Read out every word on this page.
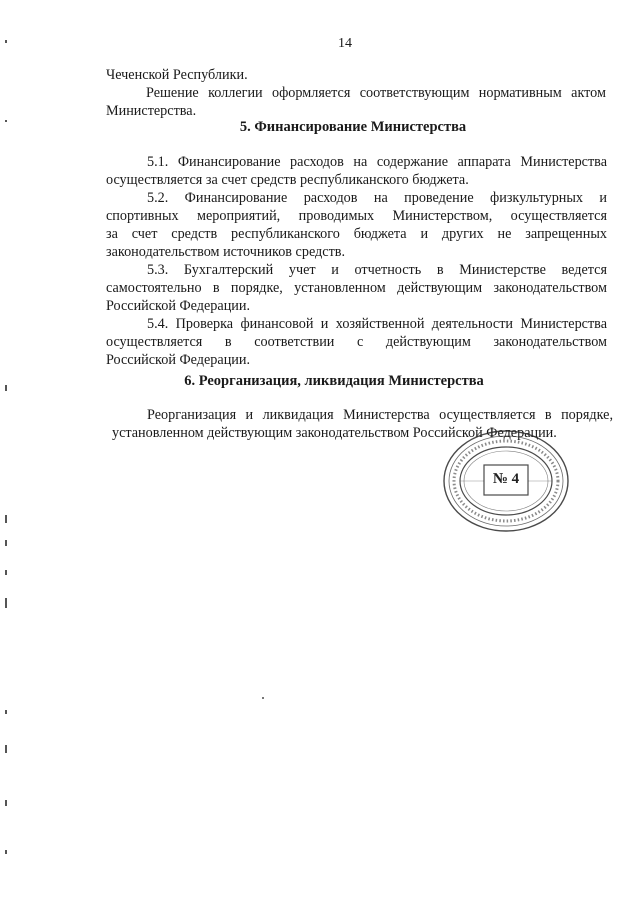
14
Чеченской Республики.
Решение коллегии оформляется соответствующим нормативным актом
Министерства.
5. Финансирование Министерства
5.1. Финансирование расходов на содержание аппарата Министерства
осуществляется за счет средств республиканского бюджета.
5.2. Финансирование расходов на проведение физкультурных и
спортивных мероприятий, проводимых Министерством, осуществляется
за счет средств республиканского бюджета и других не запрещенных
законодательством источников средств.
5.3. Бухгалтерский учет и отчетность в Министерстве ведется
самостоятельно в порядке, установленном действующим законодательством
Российской Федерации.
5.4. Проверка финансовой и хозяйственной деятельности Министерства
осуществляется в соответствии с действующим законодательством
Российской Федерации.
6. Реорганизация, ликвидация Министерства
Реорганизация и ликвидация Министерства осуществляется в порядке,
установленном действующим законодательством Российской Федерации.
№ 4
